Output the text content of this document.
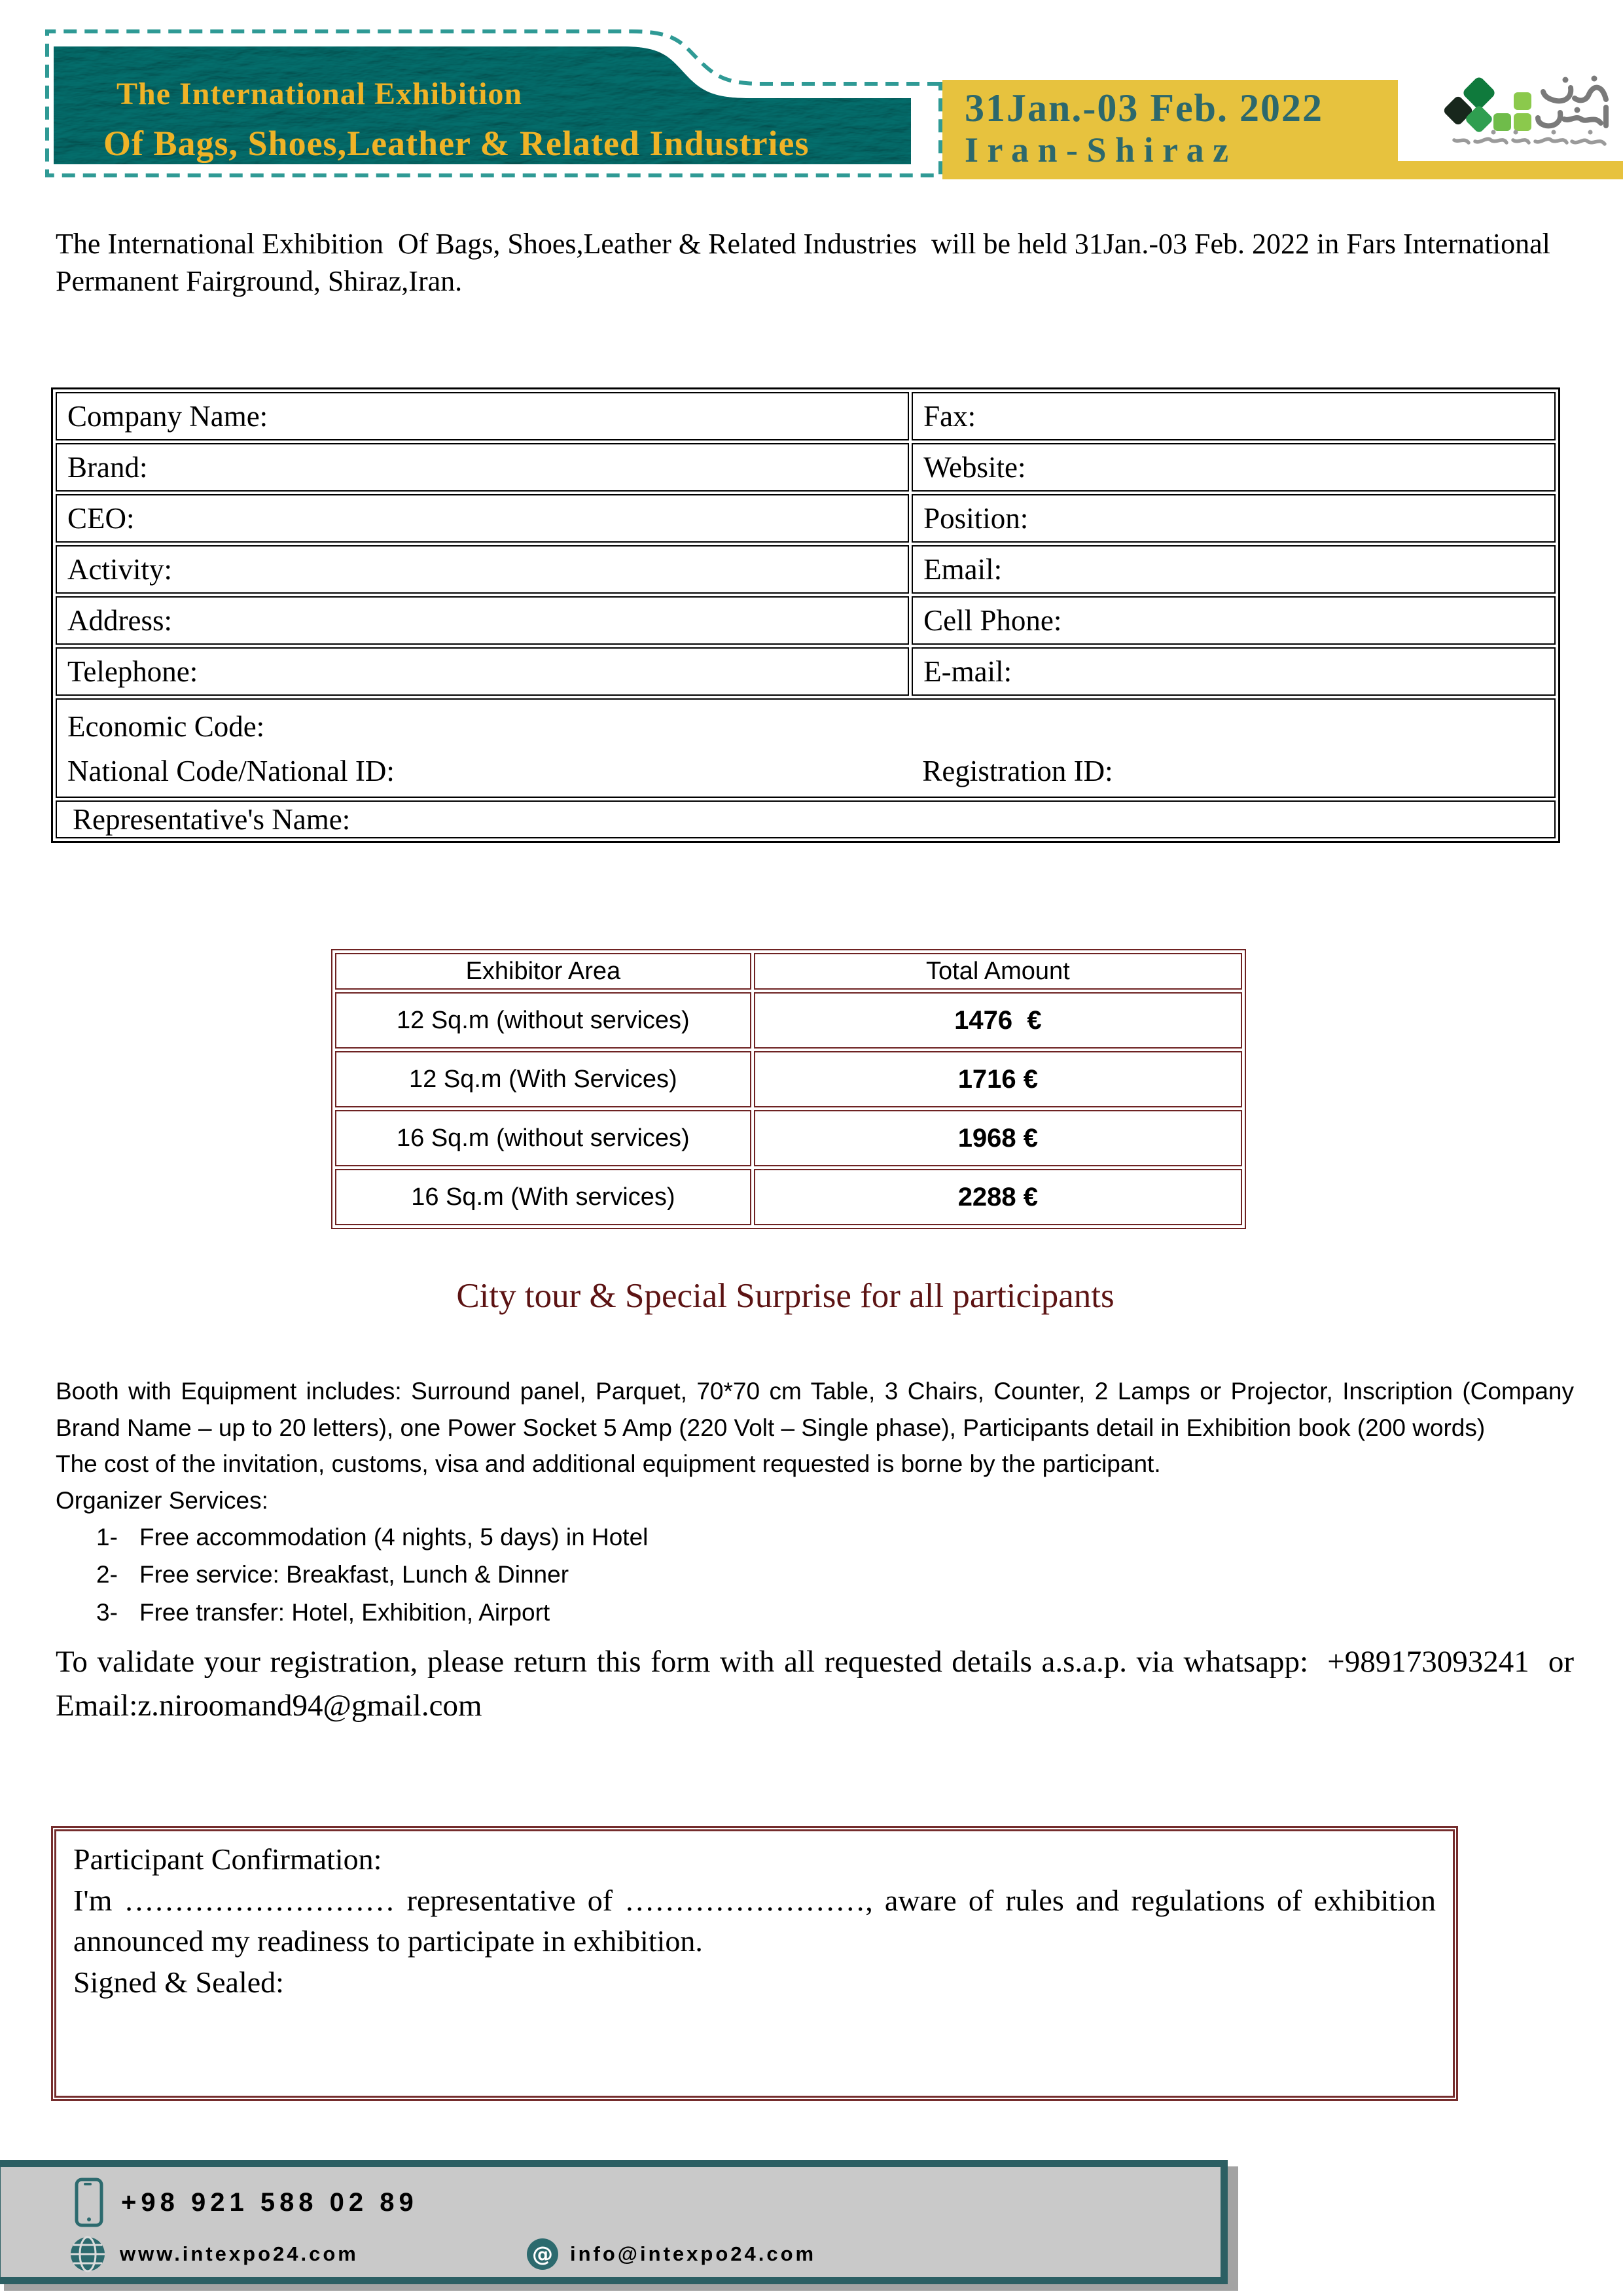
The International Exhibition
Of Bags, Shoes,Leather & Related Industries
31Jan.-03 Feb. 2022
I r a n - S h i r a z
The International Exhibition  Of Bags, Shoes,Leather & Related Industries  will be held 31Jan.-03 Feb. 2022 in Fars International Permanent Fairground, Shiraz,Iran.
Company Name:	Fax:
Brand:	Website:
CEO:	Position:
Activity:	Email:
Address:	Cell Phone:
Telephone:	E-mail:

Economic Code:
National Code/National ID: Registration ID:	

Representative's Name:	
Exhibitor Area	Total Amount
12 Sq.m (without services)	1476  €
12 Sq.m (With Services)	1716 €
16 Sq.m (without services)	1968 €
16 Sq.m (With services)	2288 €
City tour & Special Surprise for all participants

Booth with Equipment includes: Surround panel, Parquet, 70*70 cm Table, 3 Chairs, Counter, 2 Lamps or Projector, Inscription (Company Brand Name – up to 20 letters), one Power Socket 5 Amp (220 Volt – Single phase), Participants detail in Exhibition book (200 words)

The cost of the invitation, customs, visa and additional equipment requested is borne by the participant.

Organizer Services:

1- Free accommodation (4 nights, 5 days) in Hotel
2- Free service: Breakfast, Lunch & Dinner
3- Free transfer: Hotel, Exhibition, Airport

To validate your registration, please return this form with all requested details a.s.a.p. via whatsapp:  +989173093241  or  Email:z.niroomand94@gmail.com

Participant Confirmation:
I'm ……………………… representative of ……………………, aware of rules and regulations of exhibition announced my readiness to participate in exhibition.
Signed & Sealed:
+98 921 588 02 89
www.intexpo24.com	@ info@intexpo24.com
